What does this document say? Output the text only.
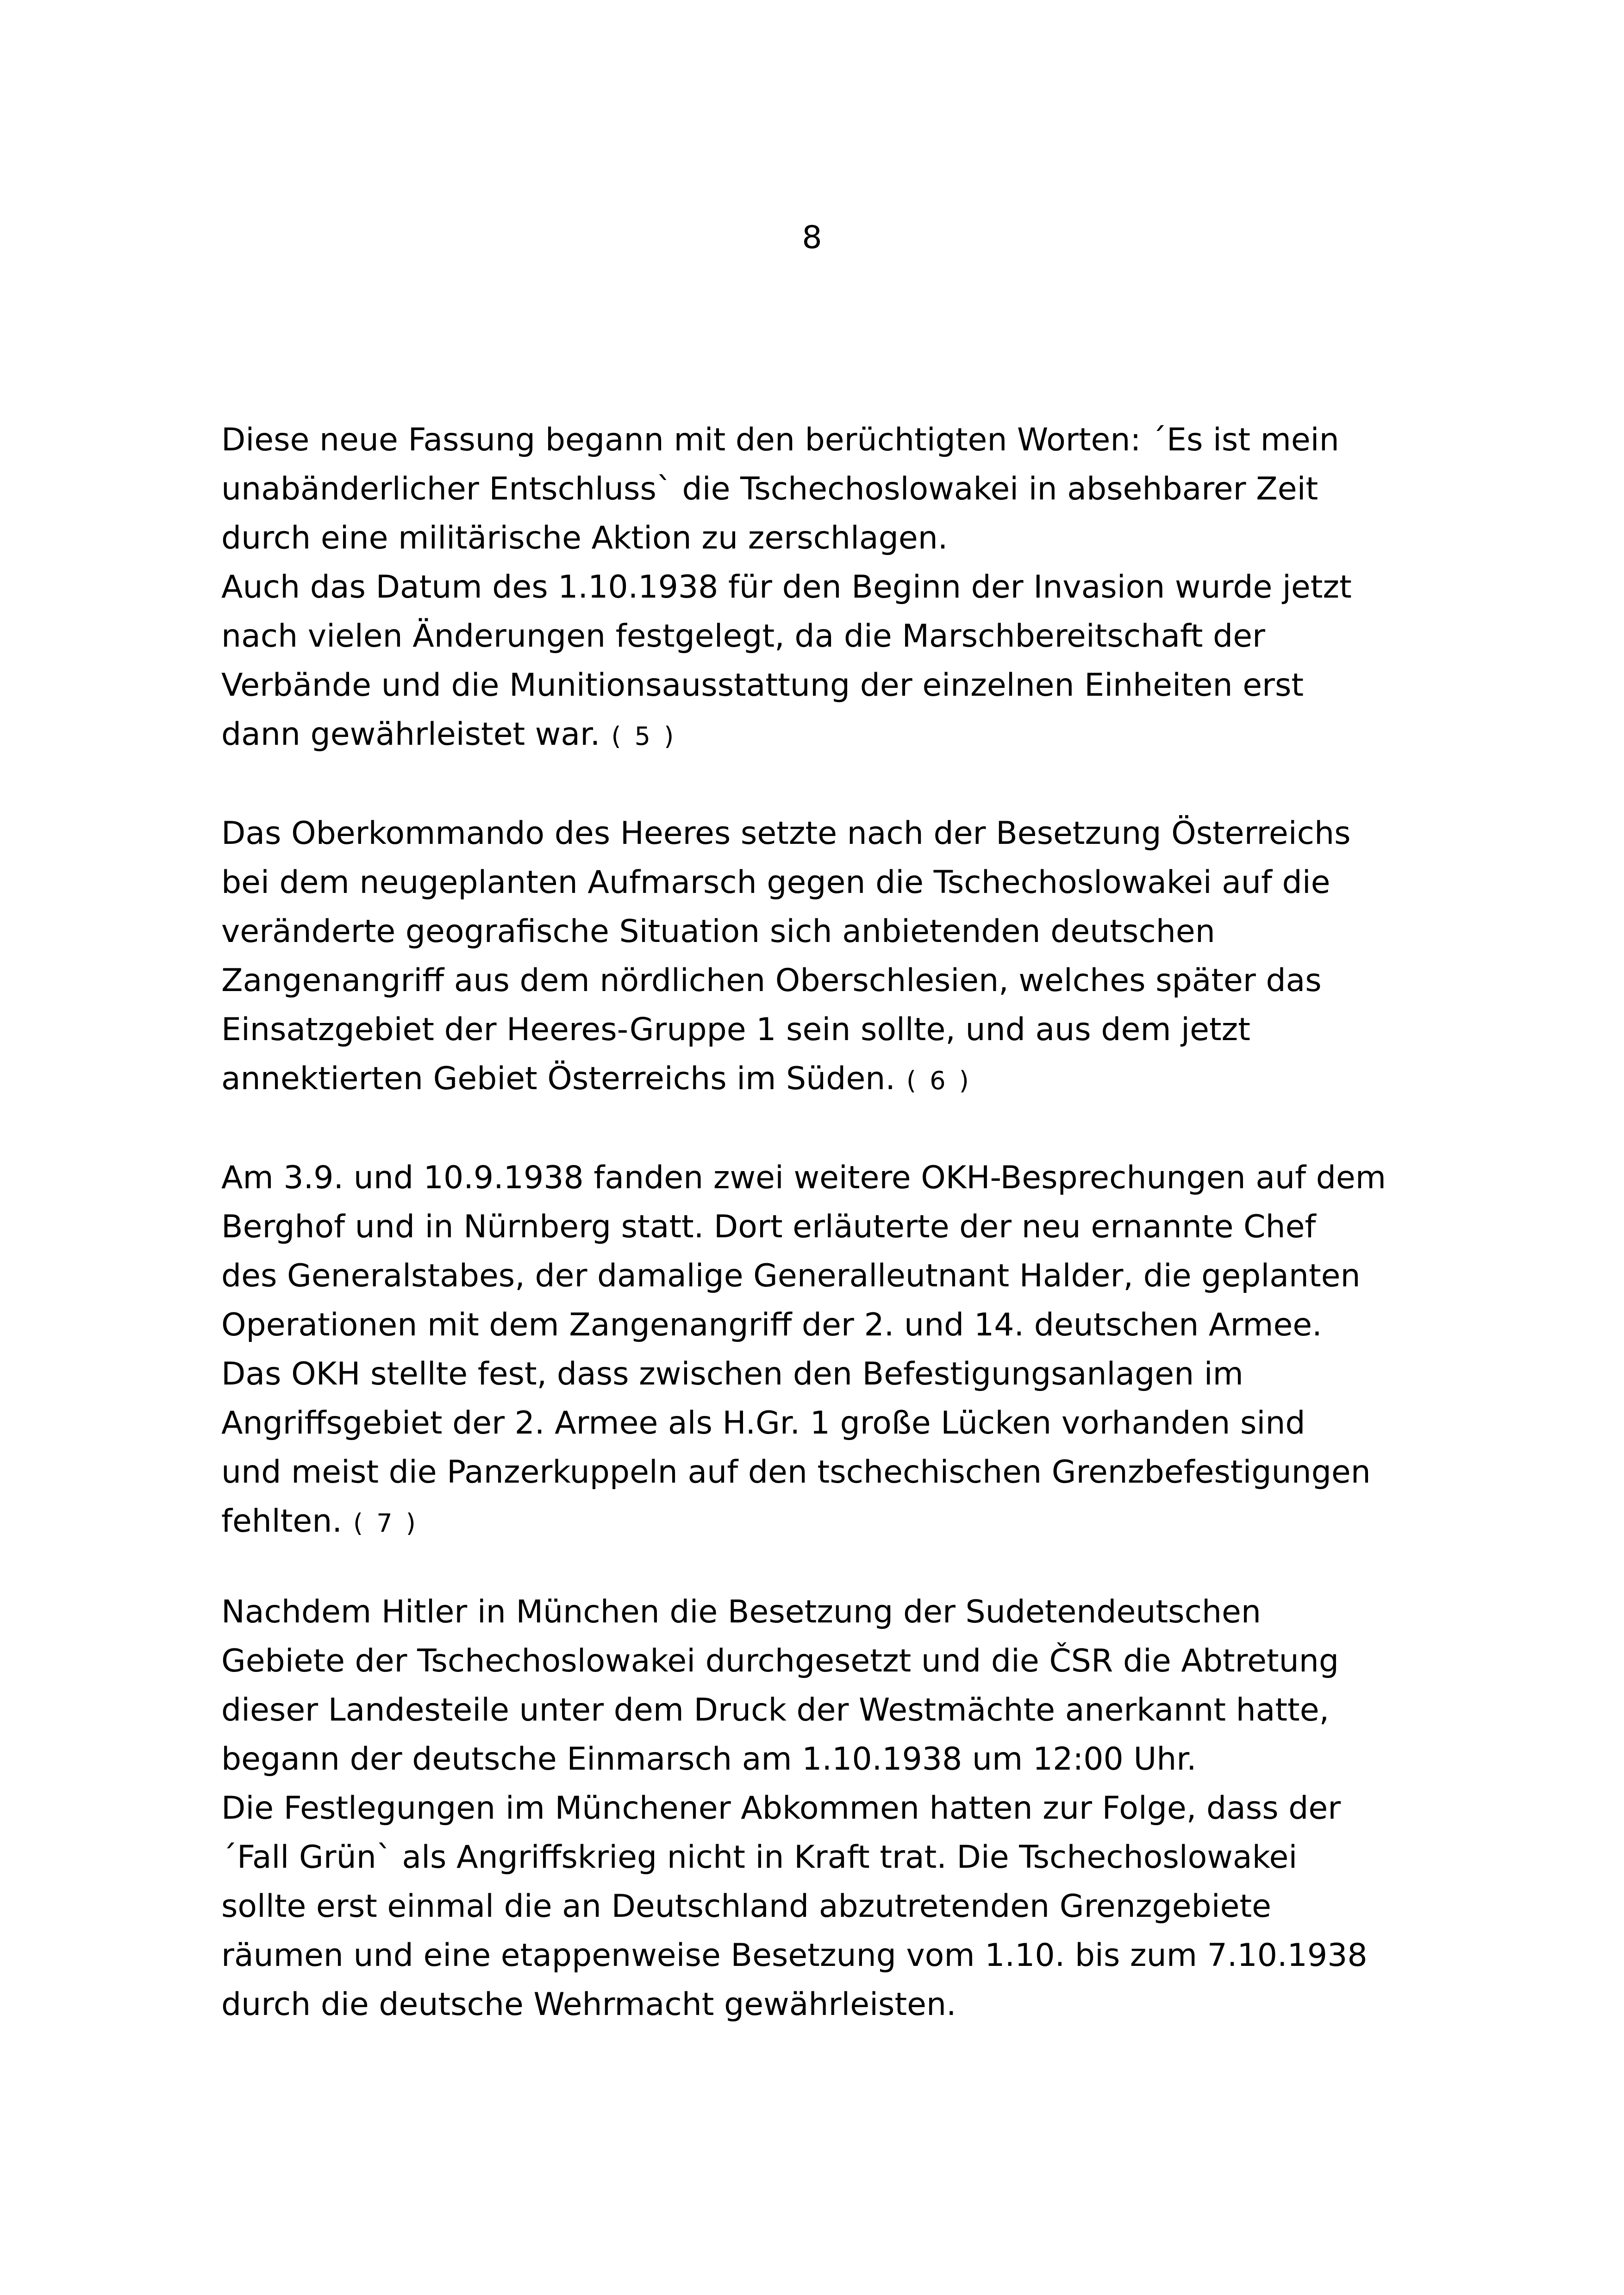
8
Diese neue Fassung begann mit den berüchtigten Worten: ´Es ist mein
unabänderlicher Entschluss` die Tschechoslowakei in absehbarer Zeit
durch eine militärische Aktion zu zerschlagen.
Auch das Datum des 1.10.1938 für den Beginn der Invasion wurde jetzt
nach vielen Änderungen festgelegt, da die Marschbereitschaft der
Verbände und die Munitionsausstattung der einzelnen Einheiten erst
dann gewährleistet war. ( 5 )
Das Oberkommando des Heeres setzte nach der Besetzung Österreichs
bei dem neugeplanten Aufmarsch gegen die Tschechoslowakei auf die
veränderte geografische Situation sich anbietenden deutschen
Zangenangriff aus dem nördlichen Oberschlesien, welches später das
Einsatzgebiet der Heeres-Gruppe 1 sein sollte, und aus dem jetzt
annektierten Gebiet Österreichs im Süden. ( 6 )
Am 3.9. und 10.9.1938 fanden zwei weitere OKH-Besprechungen auf dem
Berghof und in Nürnberg statt. Dort erläuterte der neu ernannte Chef
des Generalstabes, der damalige Generalleutnant Halder, die geplanten
Operationen mit dem Zangenangriff der 2. und 14. deutschen Armee.
Das OKH stellte fest, dass zwischen den Befestigungsanlagen im
Angriffsgebiet der 2. Armee als H.Gr. 1 große Lücken vorhanden sind
und meist die Panzerkuppeln auf den tschechischen Grenzbefestigungen
fehlten. ( 7 )
Nachdem Hitler in München die Besetzung der Sudetendeutschen
Gebiete der Tschechoslowakei durchgesetzt und die ČSR die Abtretung
dieser Landesteile unter dem Druck der Westmächte anerkannt hatte,
begann der deutsche Einmarsch am 1.10.1938 um 12:00 Uhr.
Die Festlegungen im Münchener Abkommen hatten zur Folge, dass der
´Fall Grün` als Angriffskrieg nicht in Kraft trat. Die Tschechoslowakei
sollte erst einmal die an Deutschland abzutretenden Grenzgebiete
räumen und eine etappenweise Besetzung vom 1.10. bis zum 7.10.1938
durch die deutsche Wehrmacht gewährleisten.
